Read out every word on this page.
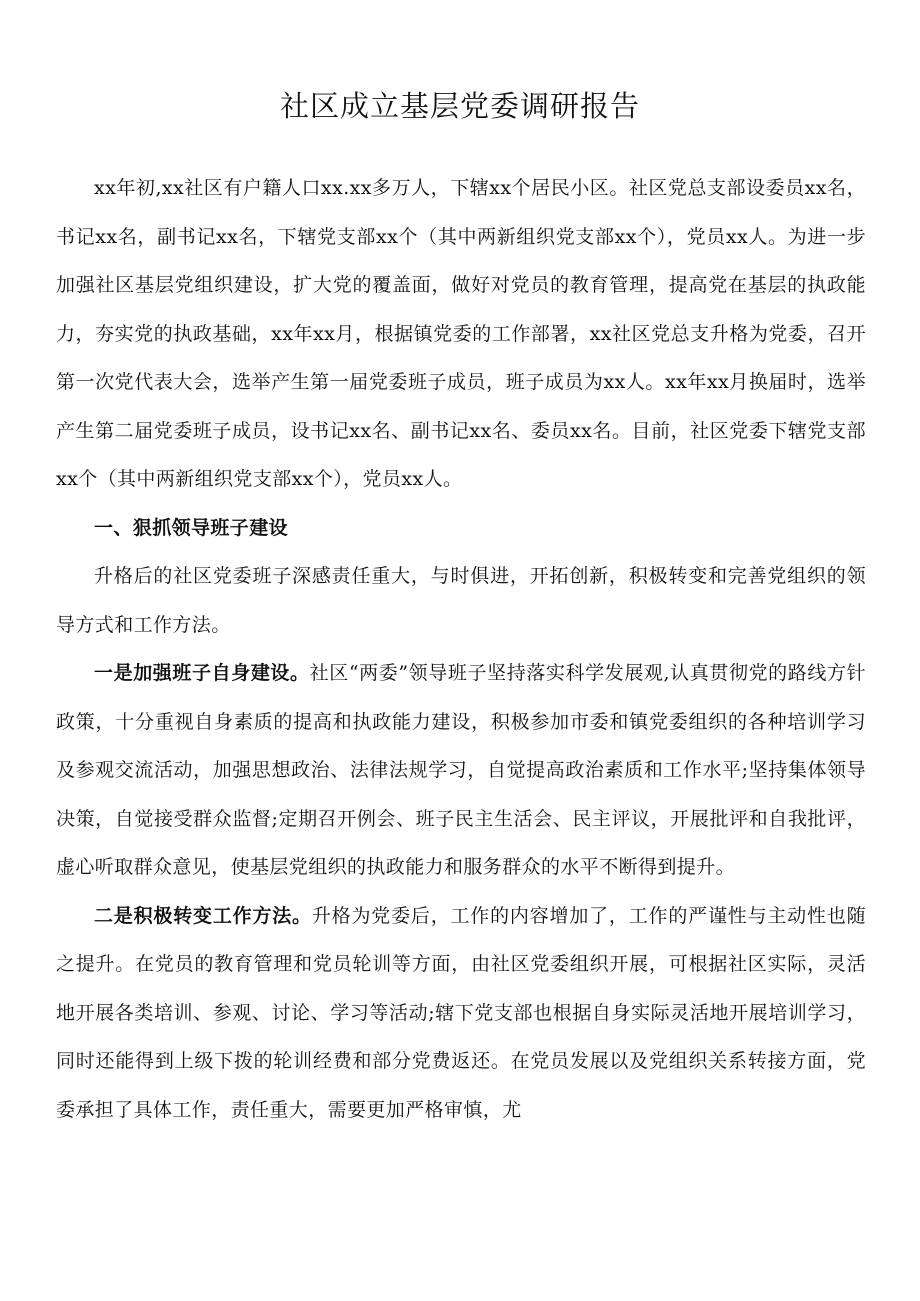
社区成立基层党委调研报告

xx年初,xx社区有户籍人口xx.xx多万人，下辖xx个居民小区。社区党总支部设委员xx名，书记xx名，副书记xx名，下辖党支部xx个（其中两新组织党支部xx个），党员xx人。为进一步加强社区基层党组织建设，扩大党的覆盖面，做好对党员的教育管理，提高党在基层的执政能力，夯实党的执政基础，xx年xx月，根据镇党委的工作部署，xx社区党总支升格为党委，召开第一次党代表大会，选举产生第一届党委班子成员，班子成员为xx人。xx年xx月换届时，选举产生第二届党委班子成员，设书记xx名、副书记xx名、委员xx名。目前，社区党委下辖党支部xx个（其中两新组织党支部xx个），党员xx人。

一、狠抓领导班子建设

升格后的社区党委班子深感责任重大，与时俱进，开拓创新，积极转变和完善党组织的领导方式和工作方法。

一是加强班子自身建设。社区“两委”领导班子坚持落实科学发展观,认真贯彻党的路线方针政策，十分重视自身素质的提高和执政能力建设，积极参加市委和镇党委组织的各种培训学习及参观交流活动，加强思想政治、法律法规学习，自觉提高政治素质和工作水平;坚持集体领导决策，自觉接受群众监督;定期召开例会、班子民主生活会、民主评议，开展批评和自我批评，虚心听取群众意见，使基层党组织的执政能力和服务群众的水平不断得到提升。

二是积极转变工作方法。升格为党委后，工作的内容增加了，工作的严谨性与主动性也随之提升。在党员的教育管理和党员轮训等方面，由社区党委组织开展，可根据社区实际，灵活地开展各类培训、参观、讨论、学习等活动;辖下党支部也根据自身实际灵活地开展培训学习，同时还能得到上级下拨的轮训经费和部分党费返还。在党员发展以及党组织关系转接方面，党委承担了具体工作，责任重大，需要更加严格审慎，尤
